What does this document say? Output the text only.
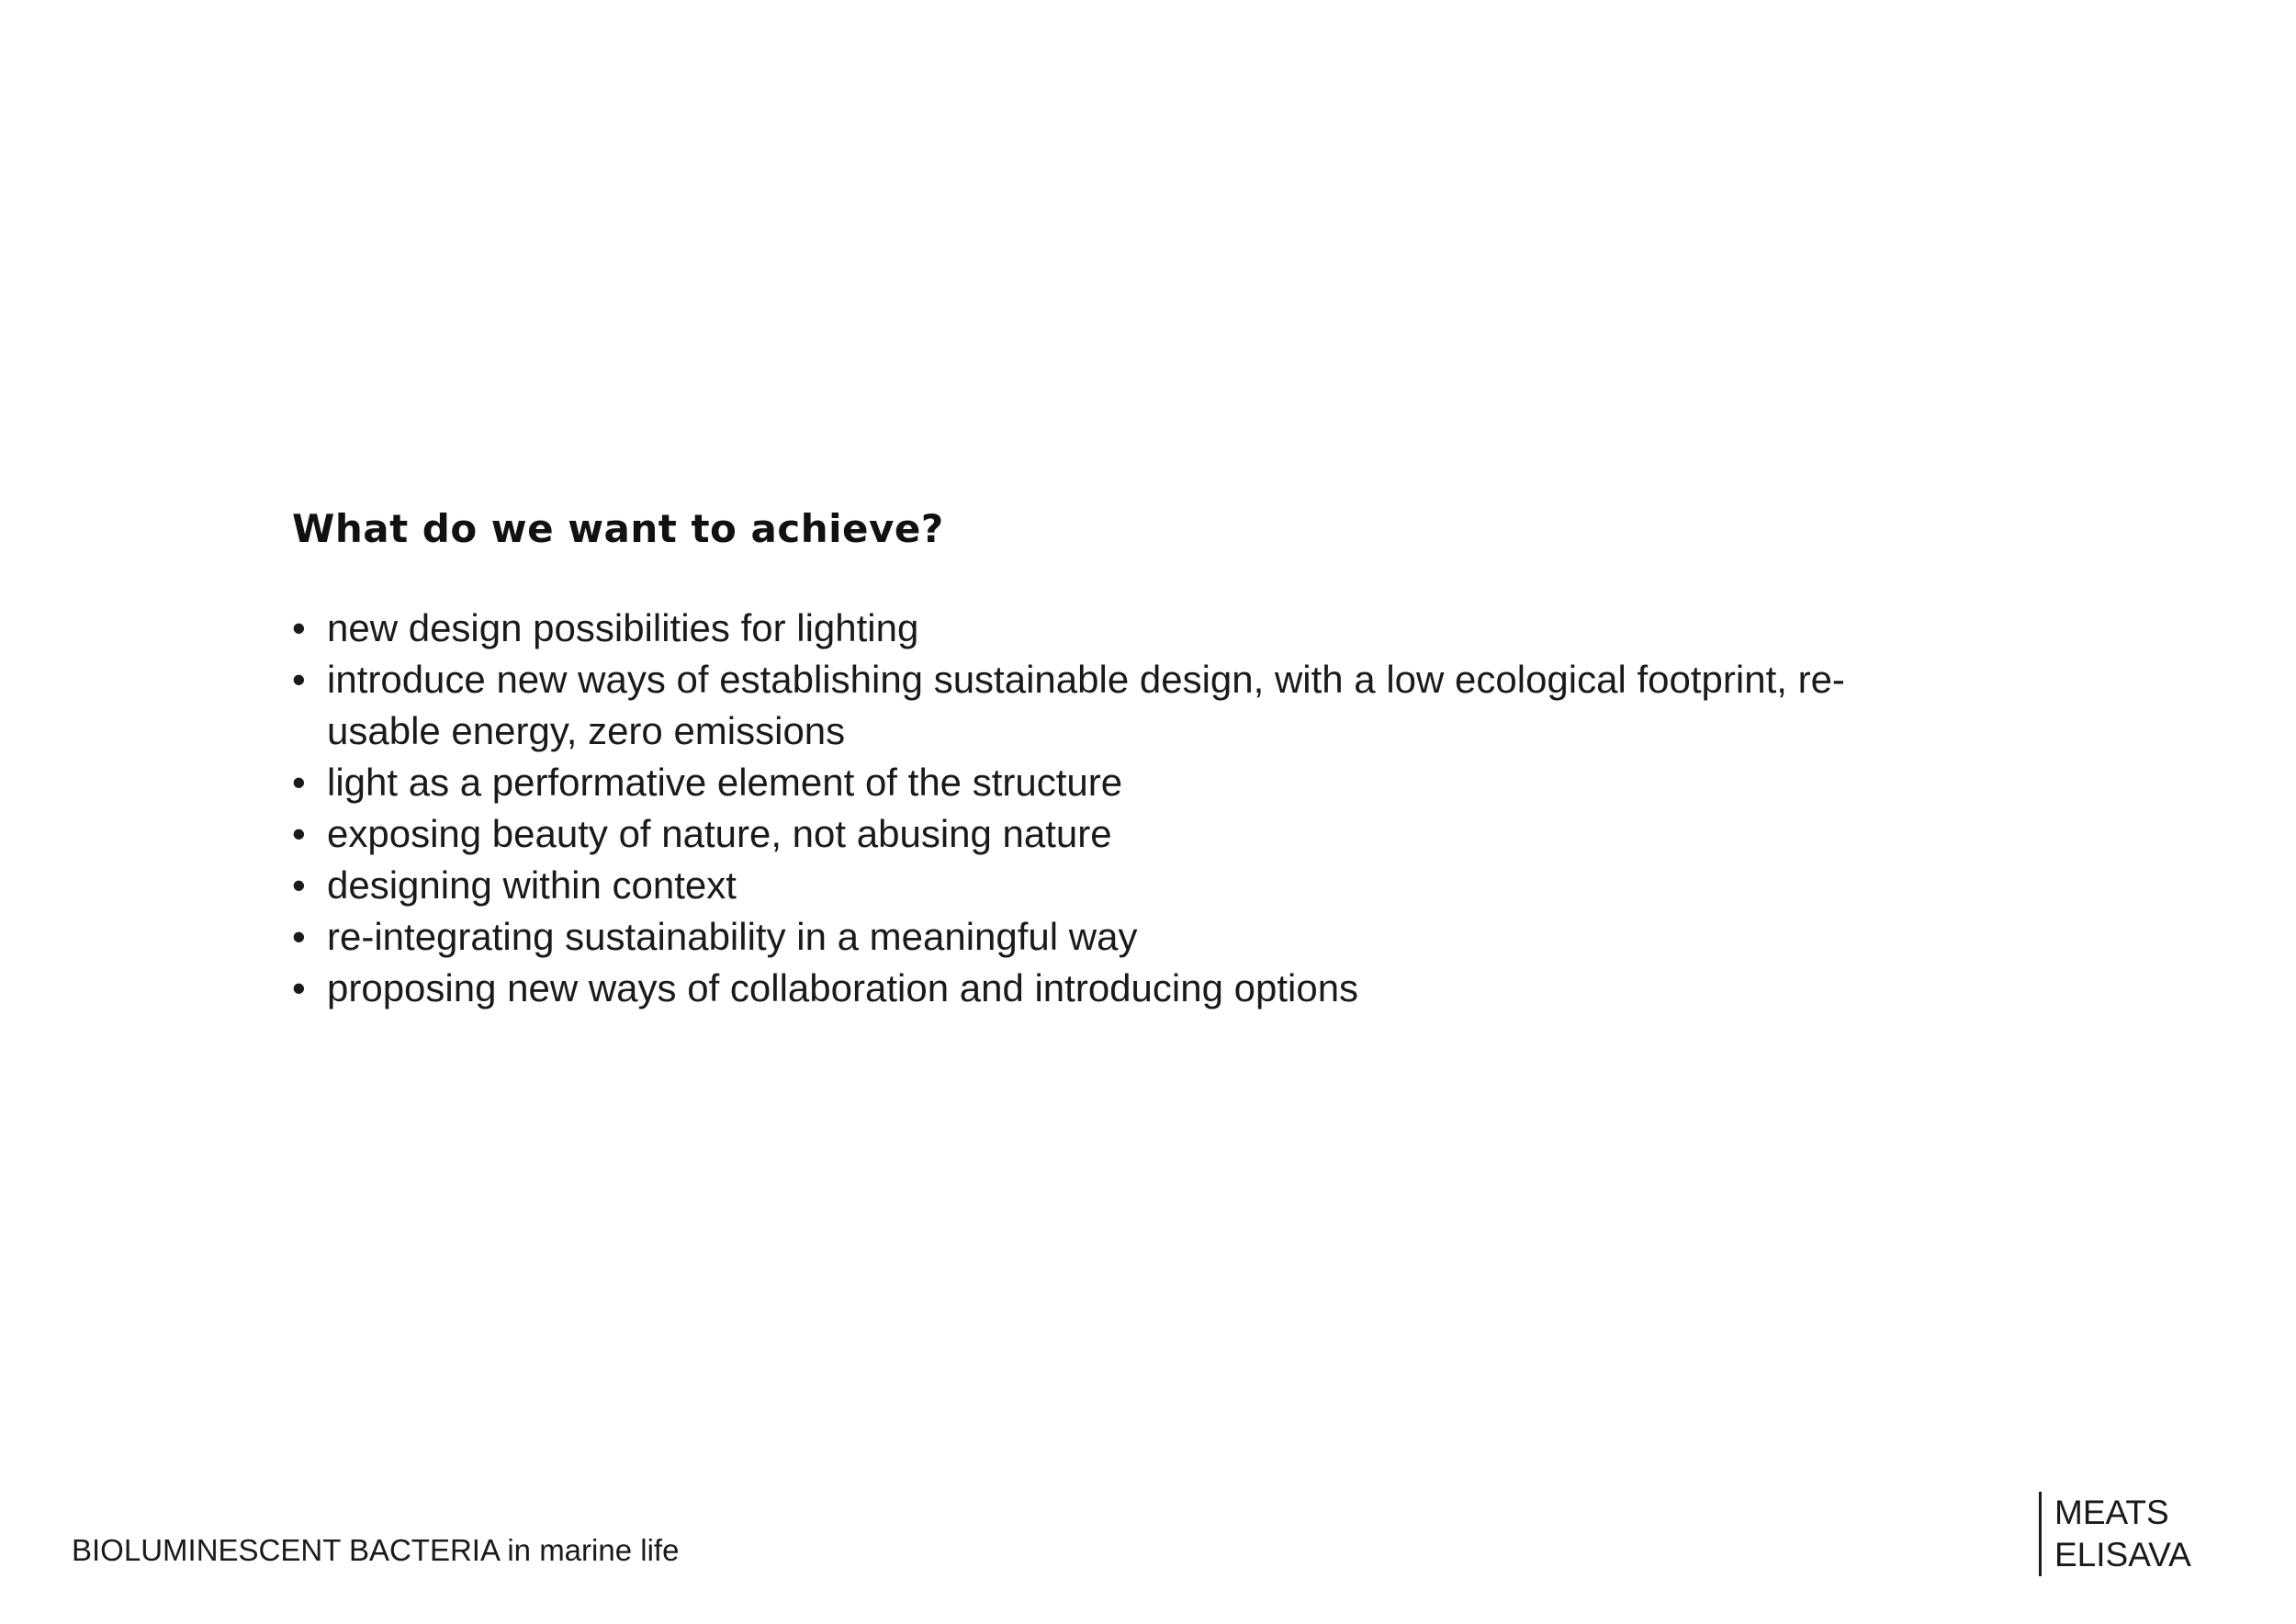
What do we want to achieve?
• new design possibilities for lighting
• introduce new ways of establishing sustainable design, with a low ecological footprint, re-usable energy, zero emissions
• light as a performative element of the structure
• exposing beauty of nature, not abusing nature
• designing within context
• re-integrating sustainability in a meaningful way
• proposing new ways of collaboration and introducing options
BIOLUMINESCENT BACTERIA in marine life
MEATS
ELISAVA
